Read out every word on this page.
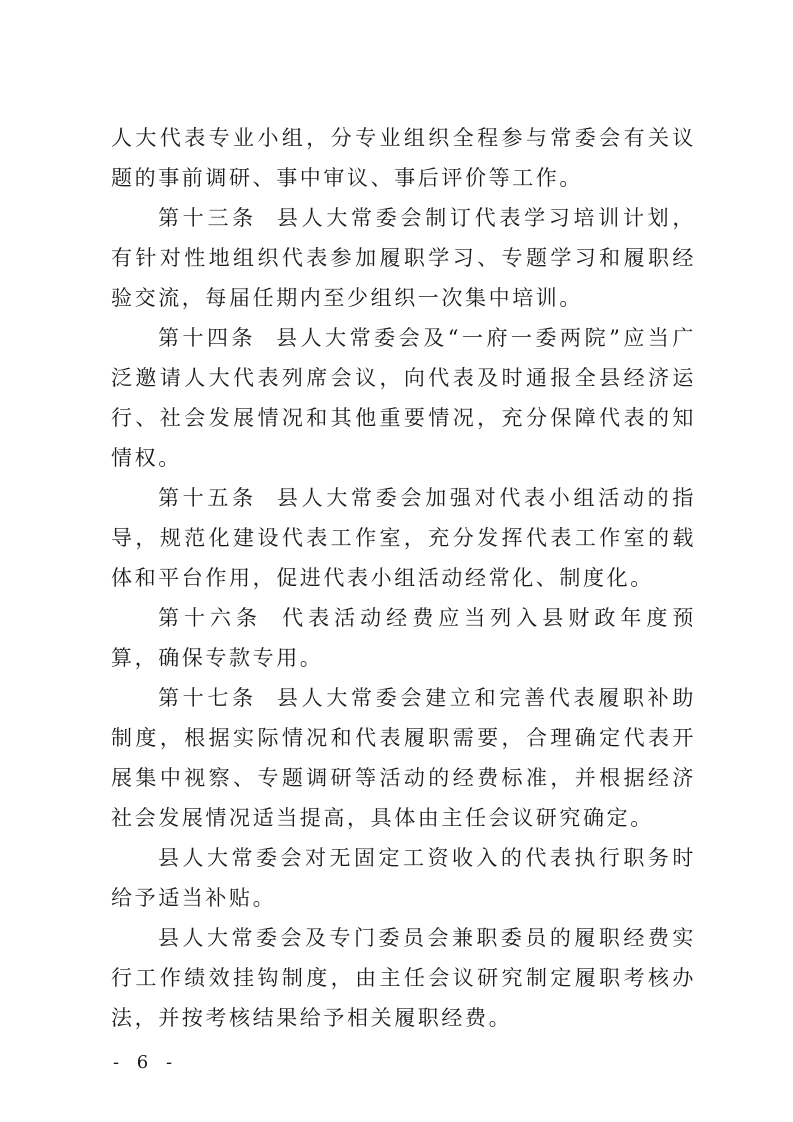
人大代表专业小组，分专业组织全程参与常委会有关议题的事前调研、事中审议、事后评价等工作。

第十三条 县人大常委会制订代表学习培训计划，有针对性地组织代表参加履职学习、专题学习和履职经验交流，每届任期内至少组织一次集中培训。

第十四条 县人大常委会及“一府一委两院”应当广泛邀请人大代表列席会议，向代表及时通报全县经济运行、社会发展情况和其他重要情况，充分保障代表的知情权。

第十五条 县人大常委会加强对代表小组活动的指导，规范化建设代表工作室，充分发挥代表工作室的载体和平台作用，促进代表小组活动经常化、制度化。

第十六条 代表活动经费应当列入县财政年度预算，确保专款专用。

第十七条 县人大常委会建立和完善代表履职补助制度，根据实际情况和代表履职需要，合理确定代表开展集中视察、专题调研等活动的经费标准，并根据经济社会发展情况适当提高，具体由主任会议研究确定。

县人大常委会对无固定工资收入的代表执行职务时给予适当补贴。

县人大常委会及专门委员会兼职委员的履职经费实行工作绩效挂钩制度，由主任会议研究制定履职考核办法，并按考核结果给予相关履职经费。

- 6 -
